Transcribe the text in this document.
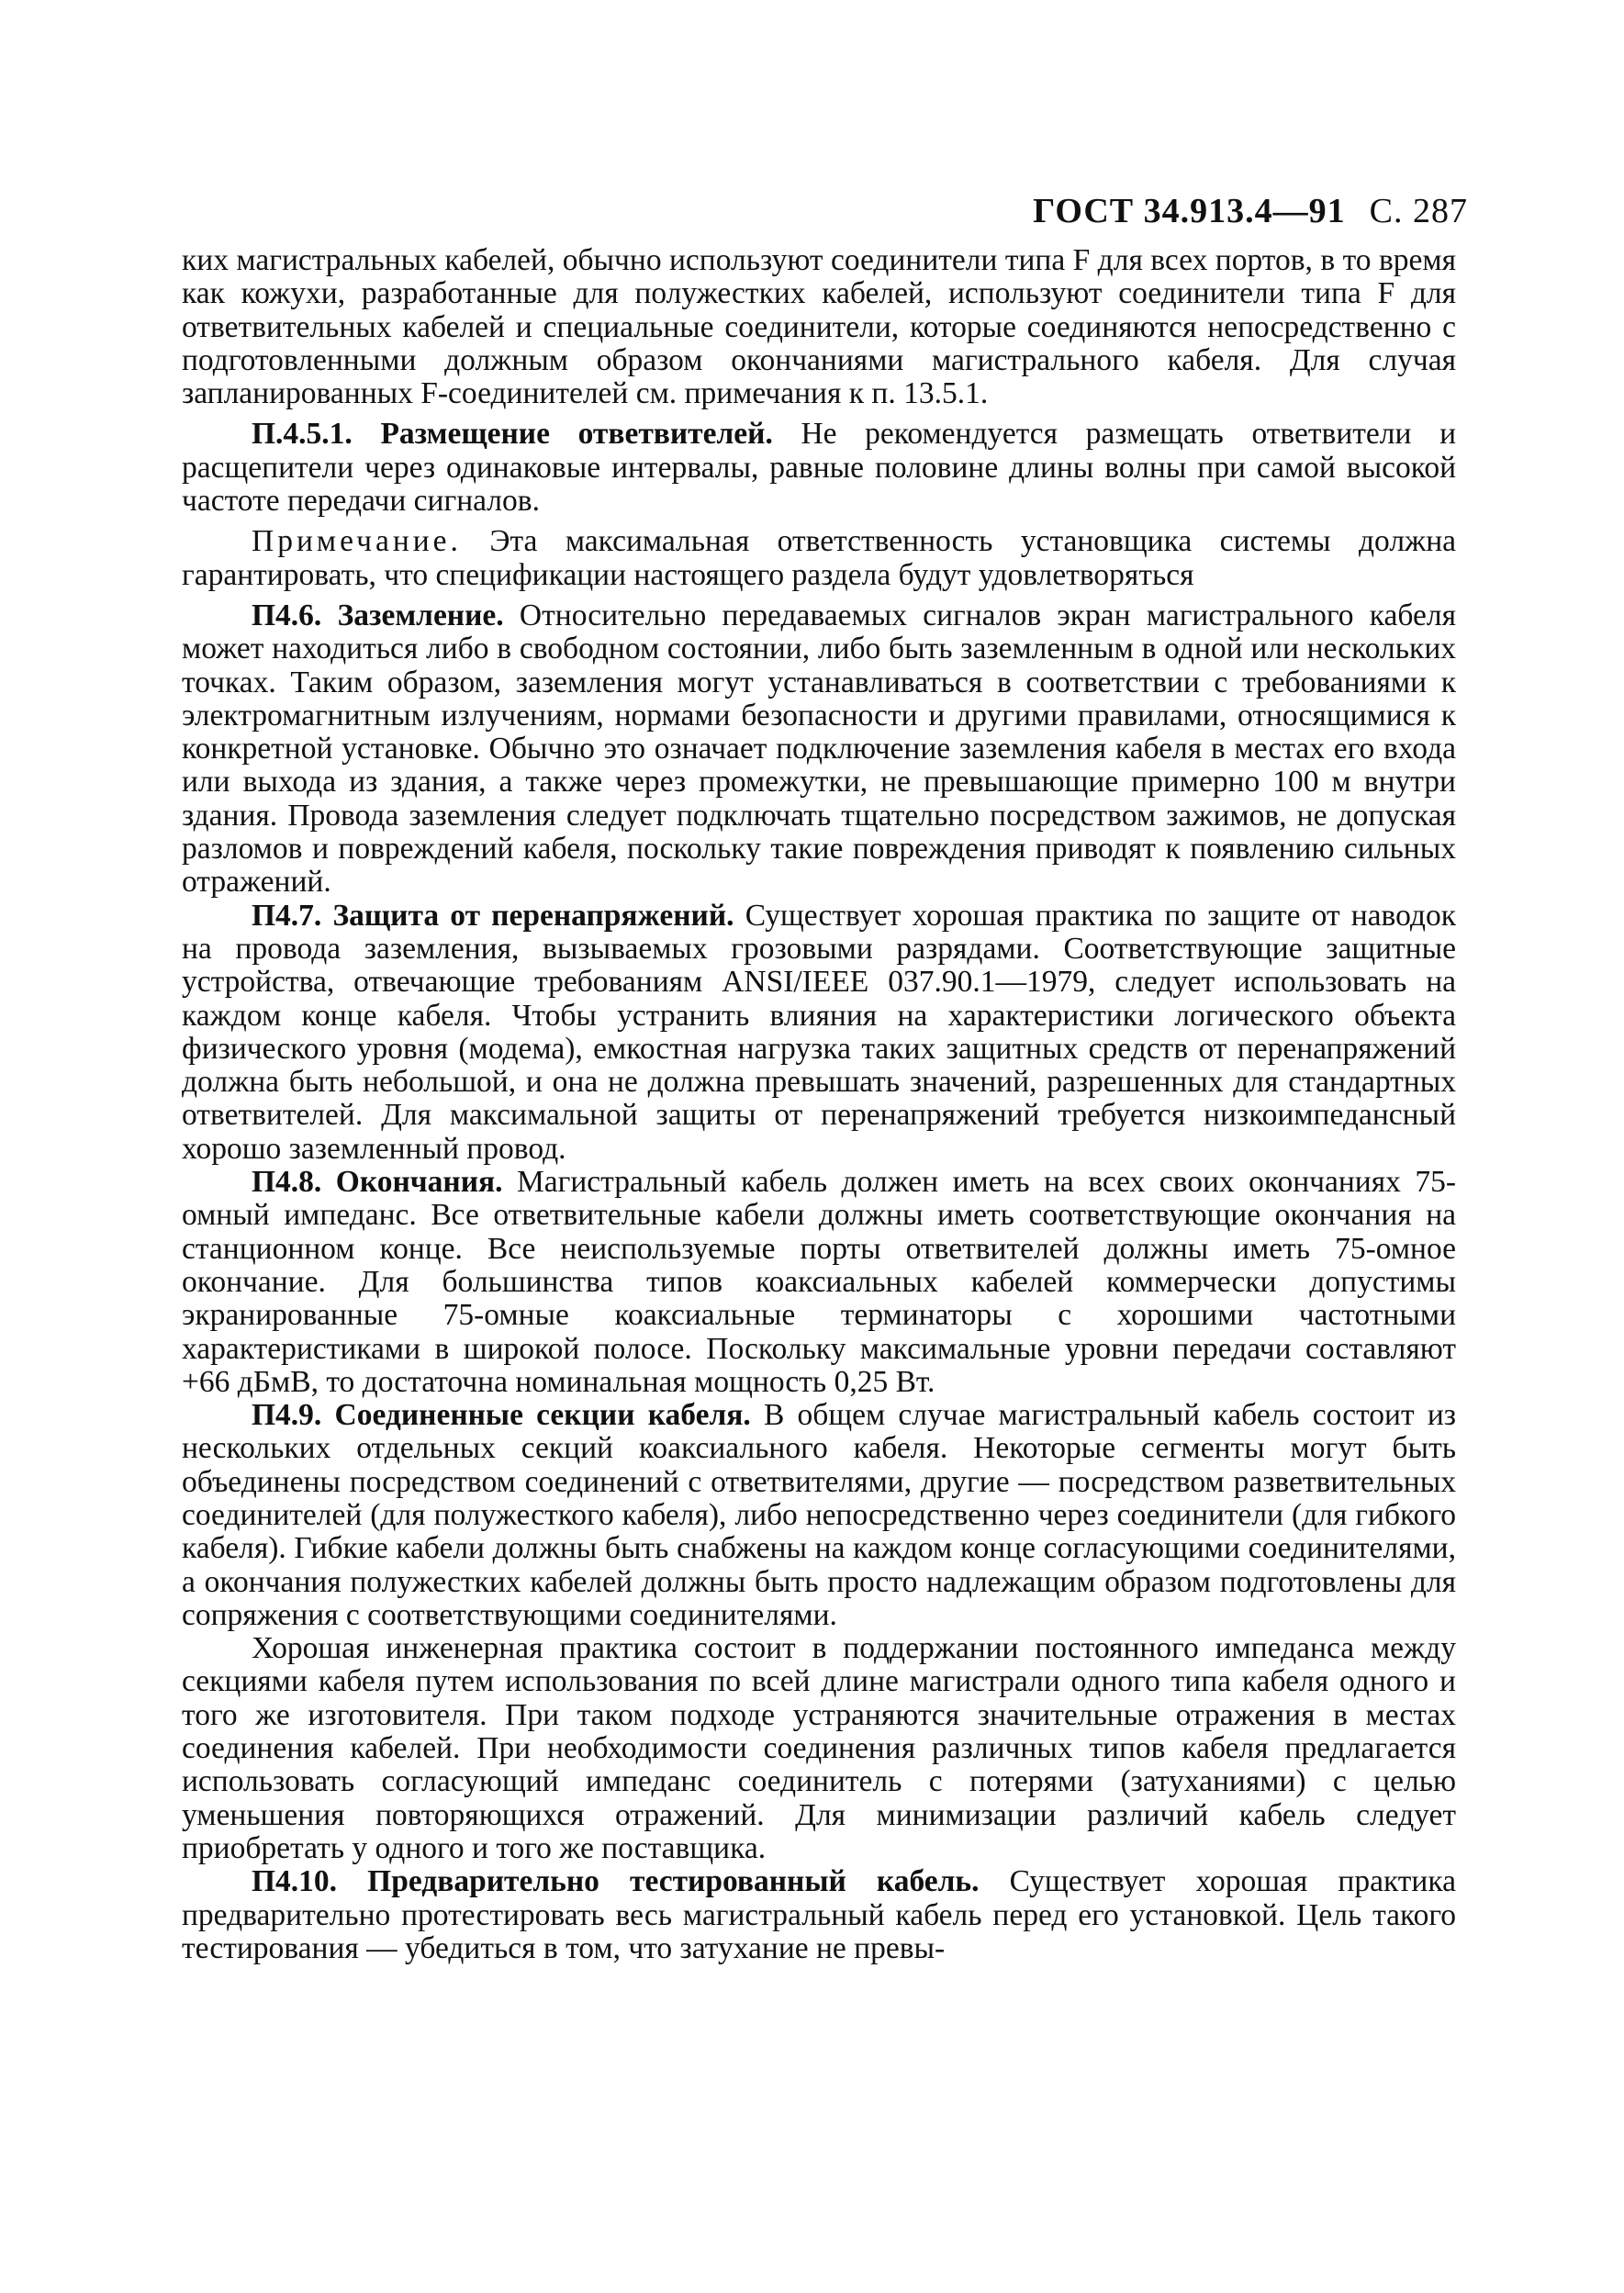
ГОСТ 34.913.4—91 С. 287

ких магистральных кабелей, обычно используют соединители типа F для всех портов, в то время как кожухи, разработанные для полужестких кабелей, используют соединители типа F для ответвительных кабелей и специальные соединители, которые соединяются непосредственно с подготовленными должным образом окончаниями магистрального кабеля. Для случая запланированных F-соединителей см. примечания к п. 13.5.1.

П.4.5.1. Размещение ответвителей. Не рекомендуется размещать ответвители и расщепители через одинаковые интервалы, равные половине длины волны при самой высокой частоте передачи сигналов.

Примечание. Эта максимальная ответственность установщика системы должна гарантировать, что спецификации настоящего раздела будут удовлетворяться

П4.6. Заземление. Относительно передаваемых сигналов экран магистрального кабеля может находиться либо в свободном состоянии, либо быть заземленным в одной или нескольких точках. Таким образом, заземления могут устанавливаться в соответствии с требованиями к электромагнитным излучениям, нормами безопасности и другими правилами, относящимися к конкретной установке. Обычно это означает подключение заземления кабеля в местах его входа или выхода из здания, а также через промежутки, не превышающие примерно 100 м внутри здания. Провода заземления следует подключать тщательно посредством зажимов, не допуская разломов и повреждений кабеля, поскольку такие повреждения приводят к появлению сильных отражений.

П4.7. Защита от перенапряжений. Существует хорошая практика по защите от наводок на провода заземления, вызываемых грозовыми разрядами. Соответствующие защитные устройства, отвечающие требованиям ANSI/IEEE 037.90.1—1979, следует использовать на каждом конце кабеля. Чтобы устранить влияния на характеристики логического объекта физического уровня (модема), емкостная нагрузка таких защитных средств от перенапряжений должна быть небольшой, и она не должна превышать значений, разрешенных для стандартных ответвителей. Для максимальной защиты от перенапряжений требуется низкоимпедансный хорошо заземленный провод.

П4.8. Окончания. Магистральный кабель должен иметь на всех своих окончаниях 75-омный импеданс. Все ответвительные кабели должны иметь соответствующие окончания на станционном конце. Все неиспользуемые порты ответвителей должны иметь 75-омное окончание. Для большинства типов коаксиальных кабелей коммерчески допустимы экранированные 75-омные коаксиальные терминаторы с хорошими частотными характеристиками в широкой полосе. Поскольку максимальные уровни передачи составляют +66 дБмВ, то достаточна номинальная мощность 0,25 Вт.

П4.9. Соединенные секции кабеля. В общем случае магистральный кабель состоит из нескольких отдельных секций коаксиального кабеля. Некоторые сегменты могут быть объединены посредством соединений с ответвителями, другие — посредством разветвительных соединителей (для полужесткого кабеля), либо непосредственно через соединители (для гибкого кабеля). Гибкие кабели должны быть снабжены на каждом конце согласующими соединителями, а окончания полужестких кабелей должны быть просто надлежащим образом подготовлены для сопряжения с соответствующими соединителями.

Хорошая инженерная практика состоит в поддержании постоянного импеданса между секциями кабеля путем использования по всей длине магистрали одного типа кабеля одного и того же изготовителя. При таком подходе устраняются значительные отражения в местах соединения кабелей. При необходимости соединения различных типов кабеля предлагается использовать согласующий импеданс соединитель с потерями (затуханиями) с целью уменьшения повторяющихся отражений. Для минимизации различий кабель следует приобретать у одного и того же поставщика.

П4.10. Предварительно тестированный кабель. Существует хорошая практика предварительно протестировать весь магистральный кабель перед его установкой. Цель такого тестирования — убедиться в том, что затухание не превы-
